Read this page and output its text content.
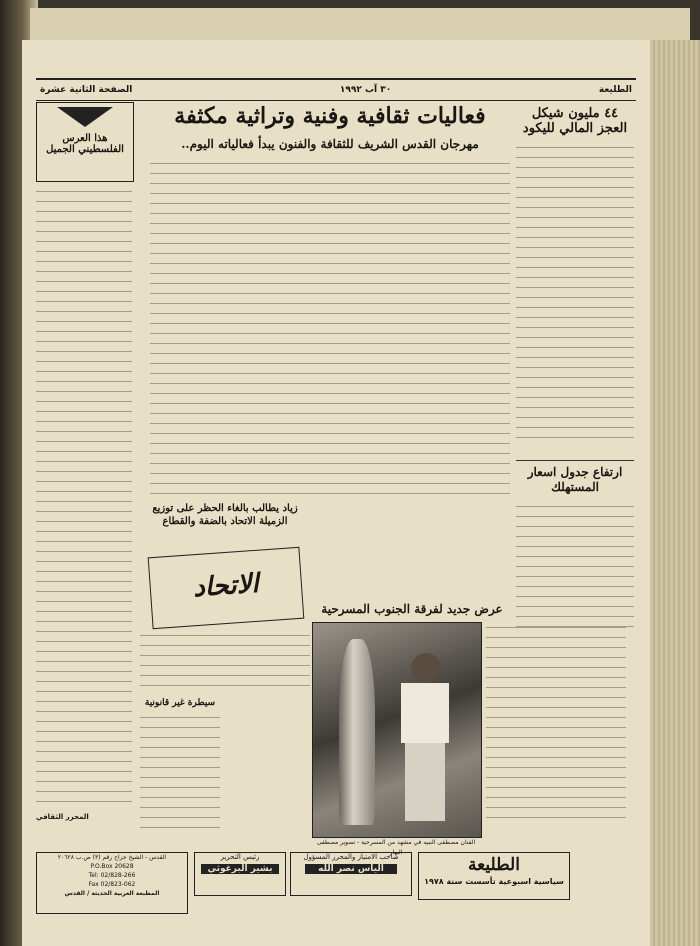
الطليعة
٣٠ آب ١٩٩٢
الصفحة الثانية عشرة
٤٤ مليون شيكل العجز المالي لليكود
ارتفاع جدول اسعار المستهلك
فعاليات ثقافية وفنية وتراثية مكثفة
مهرجان القدس الشريف للثقافة والفنون يبدأ فعالياته اليوم..
هذا العرس
الفلسطيني الجميل
المحرر الثقافي
زياد يطالب بالغاء الحظر على توزيع الزميلة الاتحاد بالضفة والقطاع
الاتحاد
سيطرة غير قانونية
عرض جديد لفرقة الجنوب المسرحية
الفنان مصطفى النبيه في مشهد من المسرحية - تصوير مصطفى البهار
القدس - الشيخ جراح رقم (٣) ص.ب ٢٠٦٢٨
P.O.Box 20628
Tel: 02/828-266
Fax 02/823-062
المطبعة العربية الحديثة / القدس
رئيس التحرير
بشير البرغوثي
صاحب الامتياز والمحرر المسؤول
الياس نصر الله	الطليعة
سياسية اسبوعية تأسست سنة ١٩٧٨
